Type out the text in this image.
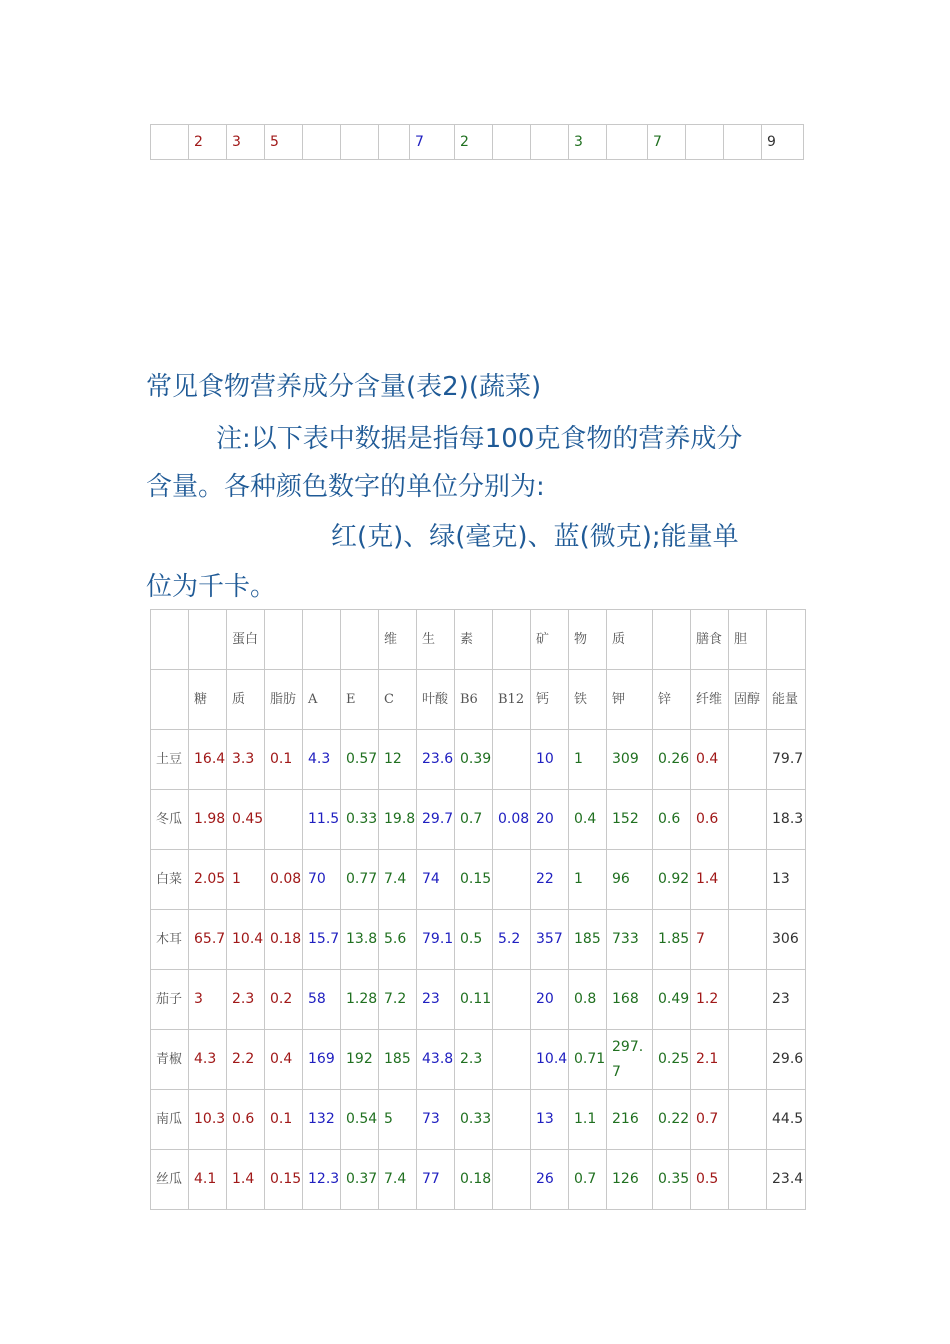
	2	3	5				7	2			3		7			9
常见食物营养成分含量(表2)(蔬菜)
注:以下表中数据是指每100克食物的营养成分
含量。各种颜色数字的单位分别为:
红(克)、绿(毫克)、蓝(微克);能量单
位为千卡。
		蛋白				维	生	素		矿	物	质		膳食	胆	
	糖	质	脂肪	A	E	C	叶酸	B6	B12	钙	铁	钾	锌	纤维	固醇	能量
土豆	16.4	3.3	0.1	4.3	0.57	12	23.6	0.39		10	1	309	0.26	0.4		79.7
冬瓜	1.98	0.45		11.5	0.33	19.8	29.7	0.7	0.08	20	0.4	152	0.6	0.6		18.3
白菜	2.05	1	0.08	70	0.77	7.4	74	0.15		22	1	96	0.92	1.4		13
木耳	65.7	10.4	0.18	15.7	13.8	5.6	79.1	0.5	5.2	357	185	733	1.85	7		306
茄子	3	2.3	0.2	58	1.28	7.2	23	0.11		20	0.8	168	0.49	1.2		23
青椒	4.3	2.2	0.4	169	192	185	43.8	2.3		10.4	0.71	297.7	0.25	2.1		29.6
南瓜	10.3	0.6	0.1	132	0.54	5	73	0.33		13	1.1	216	0.22	0.7		44.5
丝瓜	4.1	1.4	0.15	12.3	0.37	7.4	77	0.18		26	0.7	126	0.35	0.5		23.4
